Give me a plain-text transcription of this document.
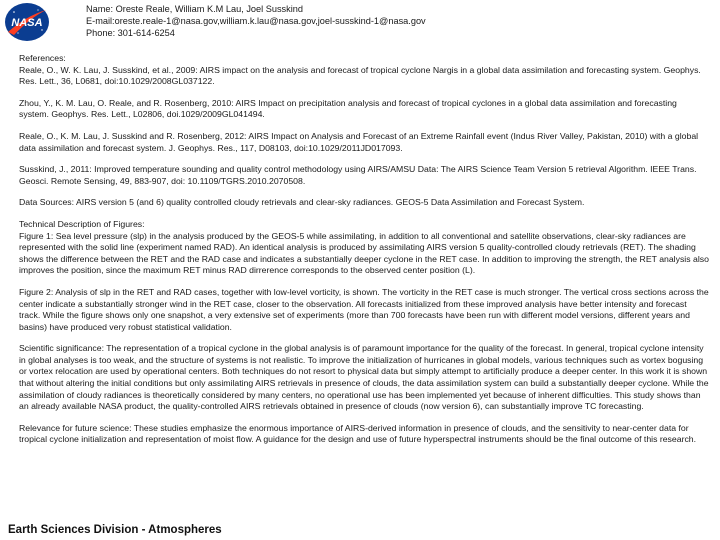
NASA
Name: Oreste Reale, William K.M Lau, Joel Susskind
E-mail:oreste.reale-1@nasa.gov,william.k.lau@nasa.gov,joel-susskind-1@nasa.gov
Phone: 301-614-6254

References:

Reale, O., W. K. Lau, J. Susskind, et al., 2009: AIRS impact on the analysis and forecast of tropical cyclone Nargis in a global data assimilation and forecasting system. Geophys. Res. Lett., 36, L0681, doi:10.1029/2008GL037122.

Zhou, Y., K. M. Lau, O. Reale, and R. Rosenberg, 2010: AIRS Impact on precipitation analysis and forecast of tropical cyclones in a global data assimilation and forecasting system. Geophys. Res. Lett., L02806, doi.1029/2009GL041494.

Reale, O., K. M. Lau, J. Susskind and R. Rosenberg, 2012: AIRS Impact on Analysis and Forecast of an Extreme Rainfall event (Indus River Valley, Pakistan, 2010) with a global data assimilation and forecast system. J. Geophys. Res., 117, D08103, doi:10.1029/2011JD017093.

Susskind, J., 2011: Improved temperature sounding and quality control methodology using AIRS/AMSU Data: The AIRS Science Team Version 5 retrieval Algorithm. IEEE Trans. Geosci. Remote Sensing, 49, 883-907, doi: 10.1109/TGRS.2010.2070508.

Data Sources: AIRS version 5 (and 6) quality controlled cloudy retrievals and clear-sky radiances. GEOS-5 Data Assimilation and Forecast System.

Technical Description of Figures:

Figure 1: Sea level pressure (slp) in the analysis produced by the GEOS-5 while assimilating, in addition to all conventional and satellite observations, clear-sky radiances are represented with the solid line (experiment named RAD). An identical analysis is produced by assimilating AIRS version 5 quality-controlled cloudy retrievals (RET). The shading shows the difference between the RET and the RAD case and indicates a substantially deeper cyclone in the RET case. In addition to improving the strength, the RET analysis also improves the position, since the maximum RET minus RAD dirrerence corresponds to the observed center position (L).

Figure 2: Analysis of slp in the RET and RAD cases, together with low-level vorticity, is shown. The vorticity in the RET case is much stronger. The vertical cross sections across the center indicate a substantially stronger wind in the RET case, closer to the observation. All forecasts initialized from these improved analysis have better intensity and forecast track. While the figure shows only one snapshot, a very extensive set of experiments (more than 700 forecasts have been run with different model versions, different years and basins) have produced very robust statistical validation.

Scientific significance: The representation of a tropical cyclone in the global analysis is of paramount importance for the quality of the forecast. In general, tropical cyclone intensity in global analyses is too weak, and the structure of systems is not realistic. To improve the initialization of hurricanes in global models, various techniques such as vortex bogusing or vortex relocation are used by operational centers. Both techniques do not resort to physical data but simply attempt to artificially produce a deeper center. In this work it is shown that without altering the initial conditions but only assimilating AIRS retrievals in presence of clouds, the data assimilation system can build a substantially deeper cyclone. While the assimilation of cloudy radiances is theoretically considered by many centers, no operational use has been implemented yet because of inherent difficulties. This study shows than an already available NASA product, the quality-controlled AIRS retrievals obtained in presence of clouds (now version 6), can substantially improve TC forecasting.

Relevance for future science: These studies emphasize the enormous importance of AIRS-derived information in presence of clouds, and the sensitivity to near-center data for tropical cyclone initialization and representation of moist flow. A guidance for the design and use of future hyperspectral instruments should be the final outcome of this research.

Earth Sciences Division - Atmospheres
